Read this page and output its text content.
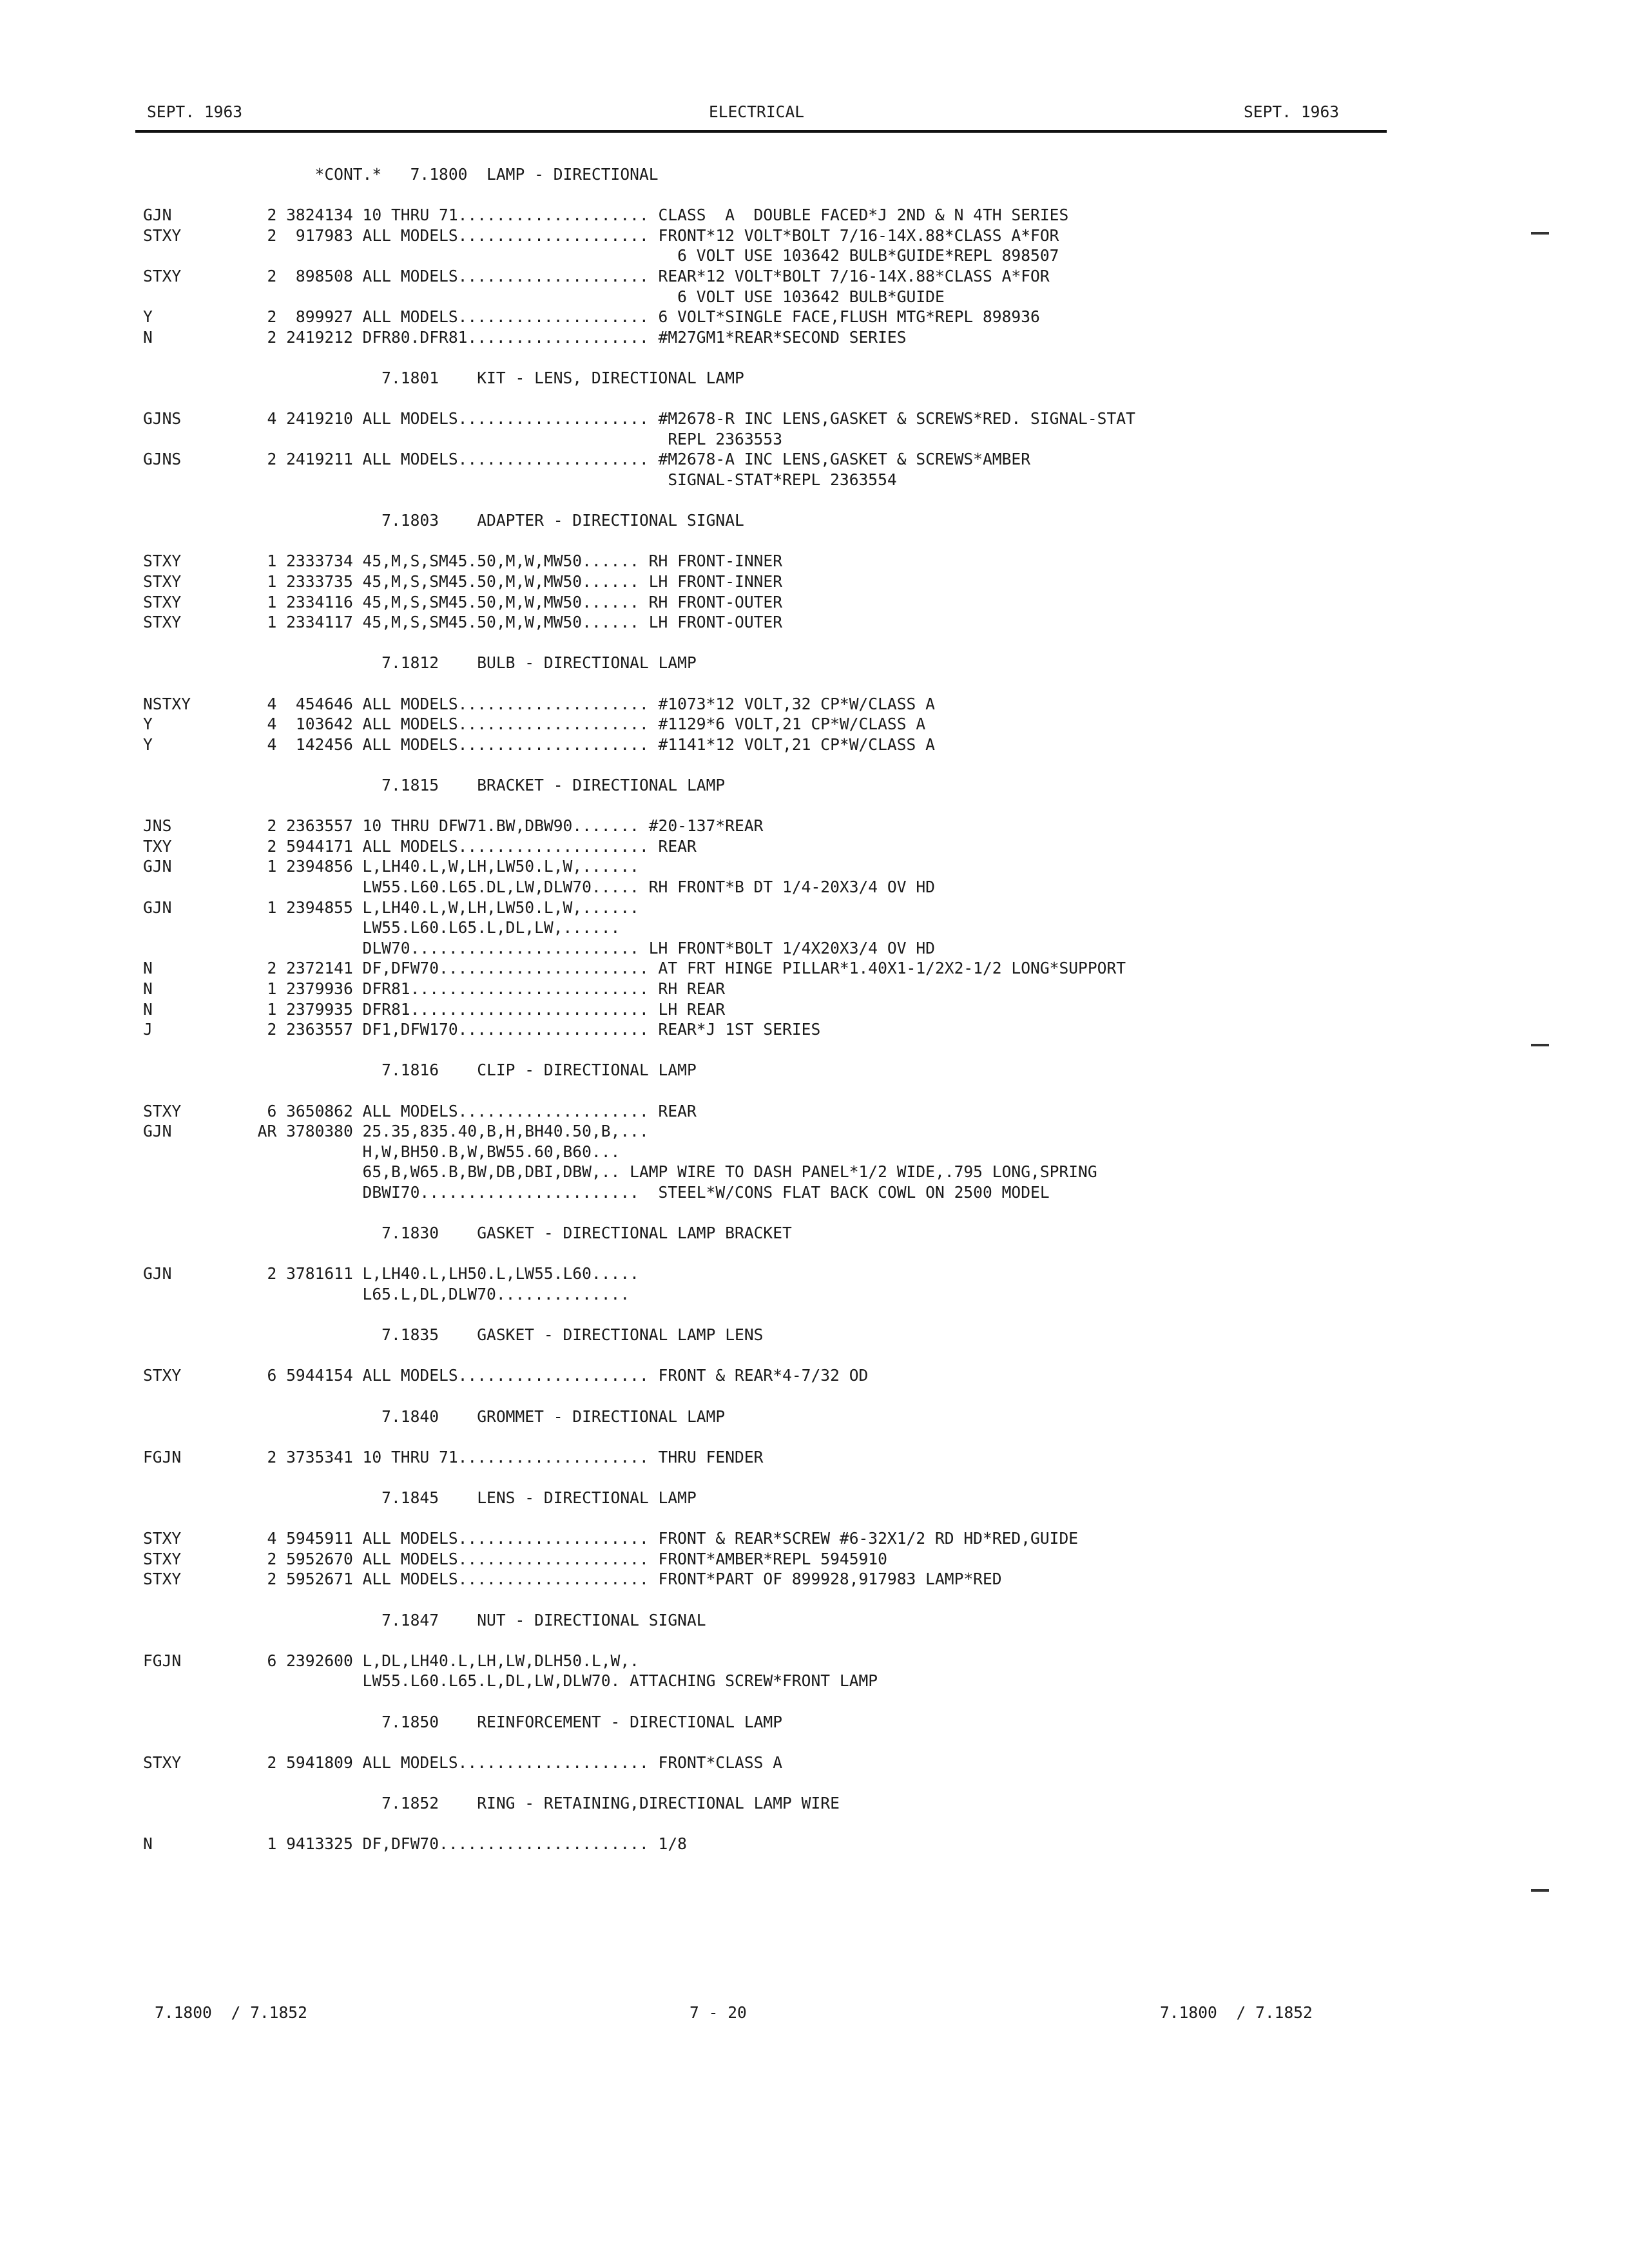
SEPT. 1963	ELECTRICAL	SEPT. 1963
*CONT.*   7.1800  LAMP - DIRECTIONAL
GJN          2 3824134 10 THRU 71.................... CLASS  A  DOUBLE FACED*J 2ND & N 4TH SERIES
STXY         2  917983 ALL MODELS.................... FRONT*12 VOLT*BOLT 7/16-14X.88*CLASS A*FOR
6 VOLT USE 103642 BULB*GUIDE*REPL 898507
STXY         2  898508 ALL MODELS.................... REAR*12 VOLT*BOLT 7/16-14X.88*CLASS A*FOR
6 VOLT USE 103642 BULB*GUIDE
Y            2  899927 ALL MODELS.................... 6 VOLT*SINGLE FACE,FLUSH MTG*REPL 898936
N            2 2419212 DFR80.DFR81................... #M27GM1*REAR*SECOND SERIES
7.1801    KIT - LENS, DIRECTIONAL LAMP
GJNS         4 2419210 ALL MODELS.................... #M2678-R INC LENS,GASKET & SCREWS*RED. SIGNAL-STAT
REPL 2363553
GJNS         2 2419211 ALL MODELS.................... #M2678-A INC LENS,GASKET & SCREWS*AMBER
SIGNAL-STAT*REPL 2363554
7.1803    ADAPTER - DIRECTIONAL SIGNAL
STXY         1 2333734 45,M,S,SM45.50,M,W,MW50...... RH FRONT-INNER
STXY         1 2333735 45,M,S,SM45.50,M,W,MW50...... LH FRONT-INNER
STXY         1 2334116 45,M,S,SM45.50,M,W,MW50...... RH FRONT-OUTER
STXY         1 2334117 45,M,S,SM45.50,M,W,MW50...... LH FRONT-OUTER
7.1812    BULB - DIRECTIONAL LAMP
NSTXY        4  454646 ALL MODELS.................... #1073*12 VOLT,32 CP*W/CLASS A
Y            4  103642 ALL MODELS.................... #1129*6 VOLT,21 CP*W/CLASS A
Y            4  142456 ALL MODELS.................... #1141*12 VOLT,21 CP*W/CLASS A
7.1815    BRACKET - DIRECTIONAL LAMP
JNS          2 2363557 10 THRU DFW71.BW,DBW90....... #20-137*REAR
TXY          2 5944171 ALL MODELS.................... REAR
GJN          1 2394856 L,LH40.L,W,LH,LW50.L,W,......
LW55.L60.L65.DL,LW,DLW70..... RH FRONT*B DT 1/4-20X3/4 OV HD
GJN          1 2394855 L,LH40.L,W,LH,LW50.L,W,......
LW55.L60.L65.L,DL,LW,......
DLW70........................ LH FRONT*BOLT 1/4X20X3/4 OV HD
N            2 2372141 DF,DFW70...................... AT FRT HINGE PILLAR*1.40X1-1/2X2-1/2 LONG*SUPPORT
N            1 2379936 DFR81......................... RH REAR
N            1 2379935 DFR81......................... LH REAR
J            2 2363557 DF1,DFW170.................... REAR*J 1ST SERIES
7.1816    CLIP - DIRECTIONAL LAMP
STXY         6 3650862 ALL MODELS.................... REAR
GJN         AR 3780380 25.35,835.40,B,H,BH40.50,B,...
H,W,BH50.B,W,BW55.60,B60...
65,B,W65.B,BW,DB,DBI,DBW,.. LAMP WIRE TO DASH PANEL*1/2 WIDE,.795 LONG,SPRING
DBWI70.......................  STEEL*W/CONS FLAT BACK COWL ON 2500 MODEL
7.1830    GASKET - DIRECTIONAL LAMP BRACKET
GJN          2 3781611 L,LH40.L,LH50.L,LW55.L60.....
L65.L,DL,DLW70..............
7.1835    GASKET - DIRECTIONAL LAMP LENS
STXY         6 5944154 ALL MODELS.................... FRONT & REAR*4-7/32 OD
7.1840    GROMMET - DIRECTIONAL LAMP
FGJN         2 3735341 10 THRU 71.................... THRU FENDER
7.1845    LENS - DIRECTIONAL LAMP
STXY         4 5945911 ALL MODELS.................... FRONT & REAR*SCREW #6-32X1/2 RD HD*RED,GUIDE
STXY         2 5952670 ALL MODELS.................... FRONT*AMBER*REPL 5945910
STXY         2 5952671 ALL MODELS.................... FRONT*PART OF 899928,917983 LAMP*RED
7.1847    NUT - DIRECTIONAL SIGNAL
FGJN         6 2392600 L,DL,LH40.L,LH,LW,DLH50.L,W,.
LW55.L60.L65.L,DL,LW,DLW70. ATTACHING SCREW*FRONT LAMP
7.1850    REINFORCEMENT - DIRECTIONAL LAMP
STXY         2 5941809 ALL MODELS.................... FRONT*CLASS A
7.1852    RING - RETAINING,DIRECTIONAL LAMP WIRE
N            1 9413325 DF,DFW70...................... 1/8
7.1800  / 7.1852	7 - 20	7.1800  / 7.1852
